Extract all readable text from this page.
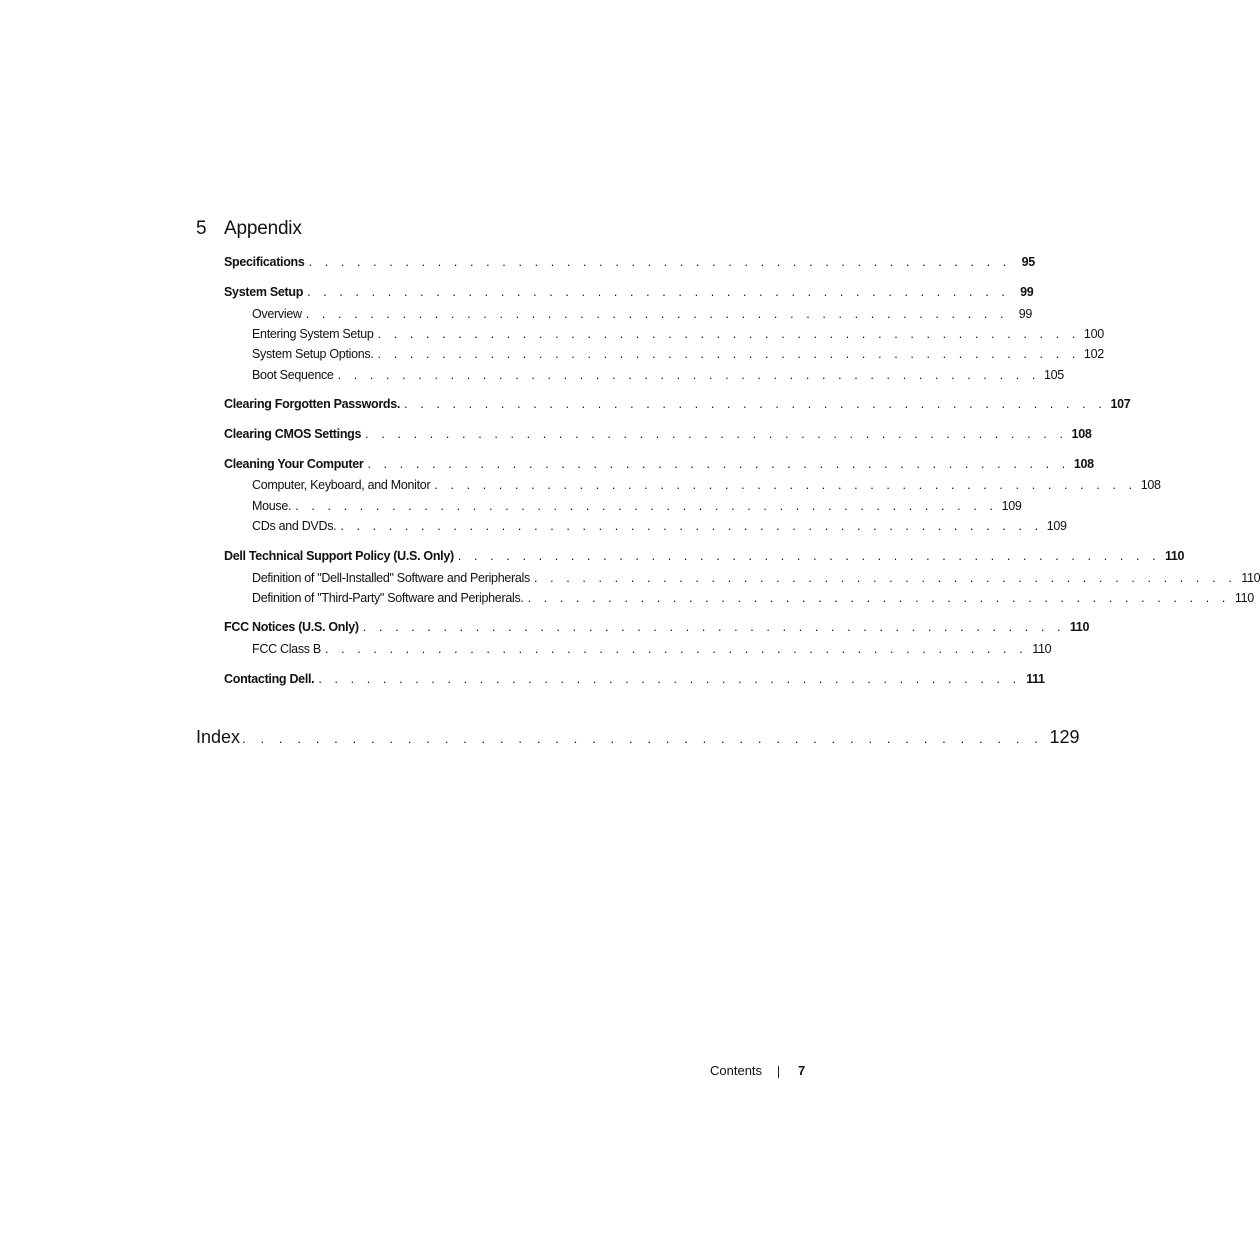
5 Appendix
Specifications . . . . . . . . . . . . . . . . . . . . . . . . . . . . . . . . . . . . . . . . . . . . 95
System Setup . . . . . . . . . . . . . . . . . . . . . . . . . . . . . . . . . . . . . . . . . . . . 99
Overview . . . . . . . . . . . . . . . . . . . . . . . . . . . . . . . . . . . . . . . . . . . . 99
Entering System Setup . . . . . . . . . . . . . . . . . . . . . . . . . . . . . . . . . . . . . . . . . . . . 100
System Setup Options. . . . . . . . . . . . . . . . . . . . . . . . . . . . . . . . . . . . . . . . . . . . . 102
Boot Sequence . . . . . . . . . . . . . . . . . . . . . . . . . . . . . . . . . . . . . . . . . . . . 105
Clearing Forgotten Passwords. . . . . . . . . . . . . . . . . . . . . . . . . . . . . . . . . . . . . . . . . . . . . 107
Clearing CMOS Settings . . . . . . . . . . . . . . . . . . . . . . . . . . . . . . . . . . . . . . . . . . . . 108
Cleaning Your Computer . . . . . . . . . . . . . . . . . . . . . . . . . . . . . . . . . . . . . . . . . . . . 108
Computer, Keyboard, and Monitor . . . . . . . . . . . . . . . . . . . . . . . . . . . . . . . . . . . . . . . . . . . . 108
Mouse. . . . . . . . . . . . . . . . . . . . . . . . . . . . . . . . . . . . . . . . . . . . . 109
CDs and DVDs. . . . . . . . . . . . . . . . . . . . . . . . . . . . . . . . . . . . . . . . . . . . . 109
Dell Technical Support Policy (U.S. Only) . . . . . . . . . . . . . . . . . . . . . . . . . . . . . . . . . . . . . . . . . . . . 110
Definition of "Dell-Installed" Software and Peripherals . . . . . . . . . . . . . . . . . . . . . . . . . . . . . . . . . . . . . . . . . . . . 110
Definition of "Third-Party" Software and Peripherals. . . . . . . . . . . . . . . . . . . . . . . . . . . . . . . . . . . . . . . . . . . . . 110
FCC Notices (U.S. Only) . . . . . . . . . . . . . . . . . . . . . . . . . . . . . . . . . . . . . . . . . . . . 110
FCC Class B . . . . . . . . . . . . . . . . . . . . . . . . . . . . . . . . . . . . . . . . . . . . 110
Contacting Dell. . . . . . . . . . . . . . . . . . . . . . . . . . . . . . . . . . . . . . . . . . . . . 111
Index . . . . . . . . . . . . . . . . . . . . . . . . . . . . . . . . . . . . . . . . . . . . 129
Contents	7
